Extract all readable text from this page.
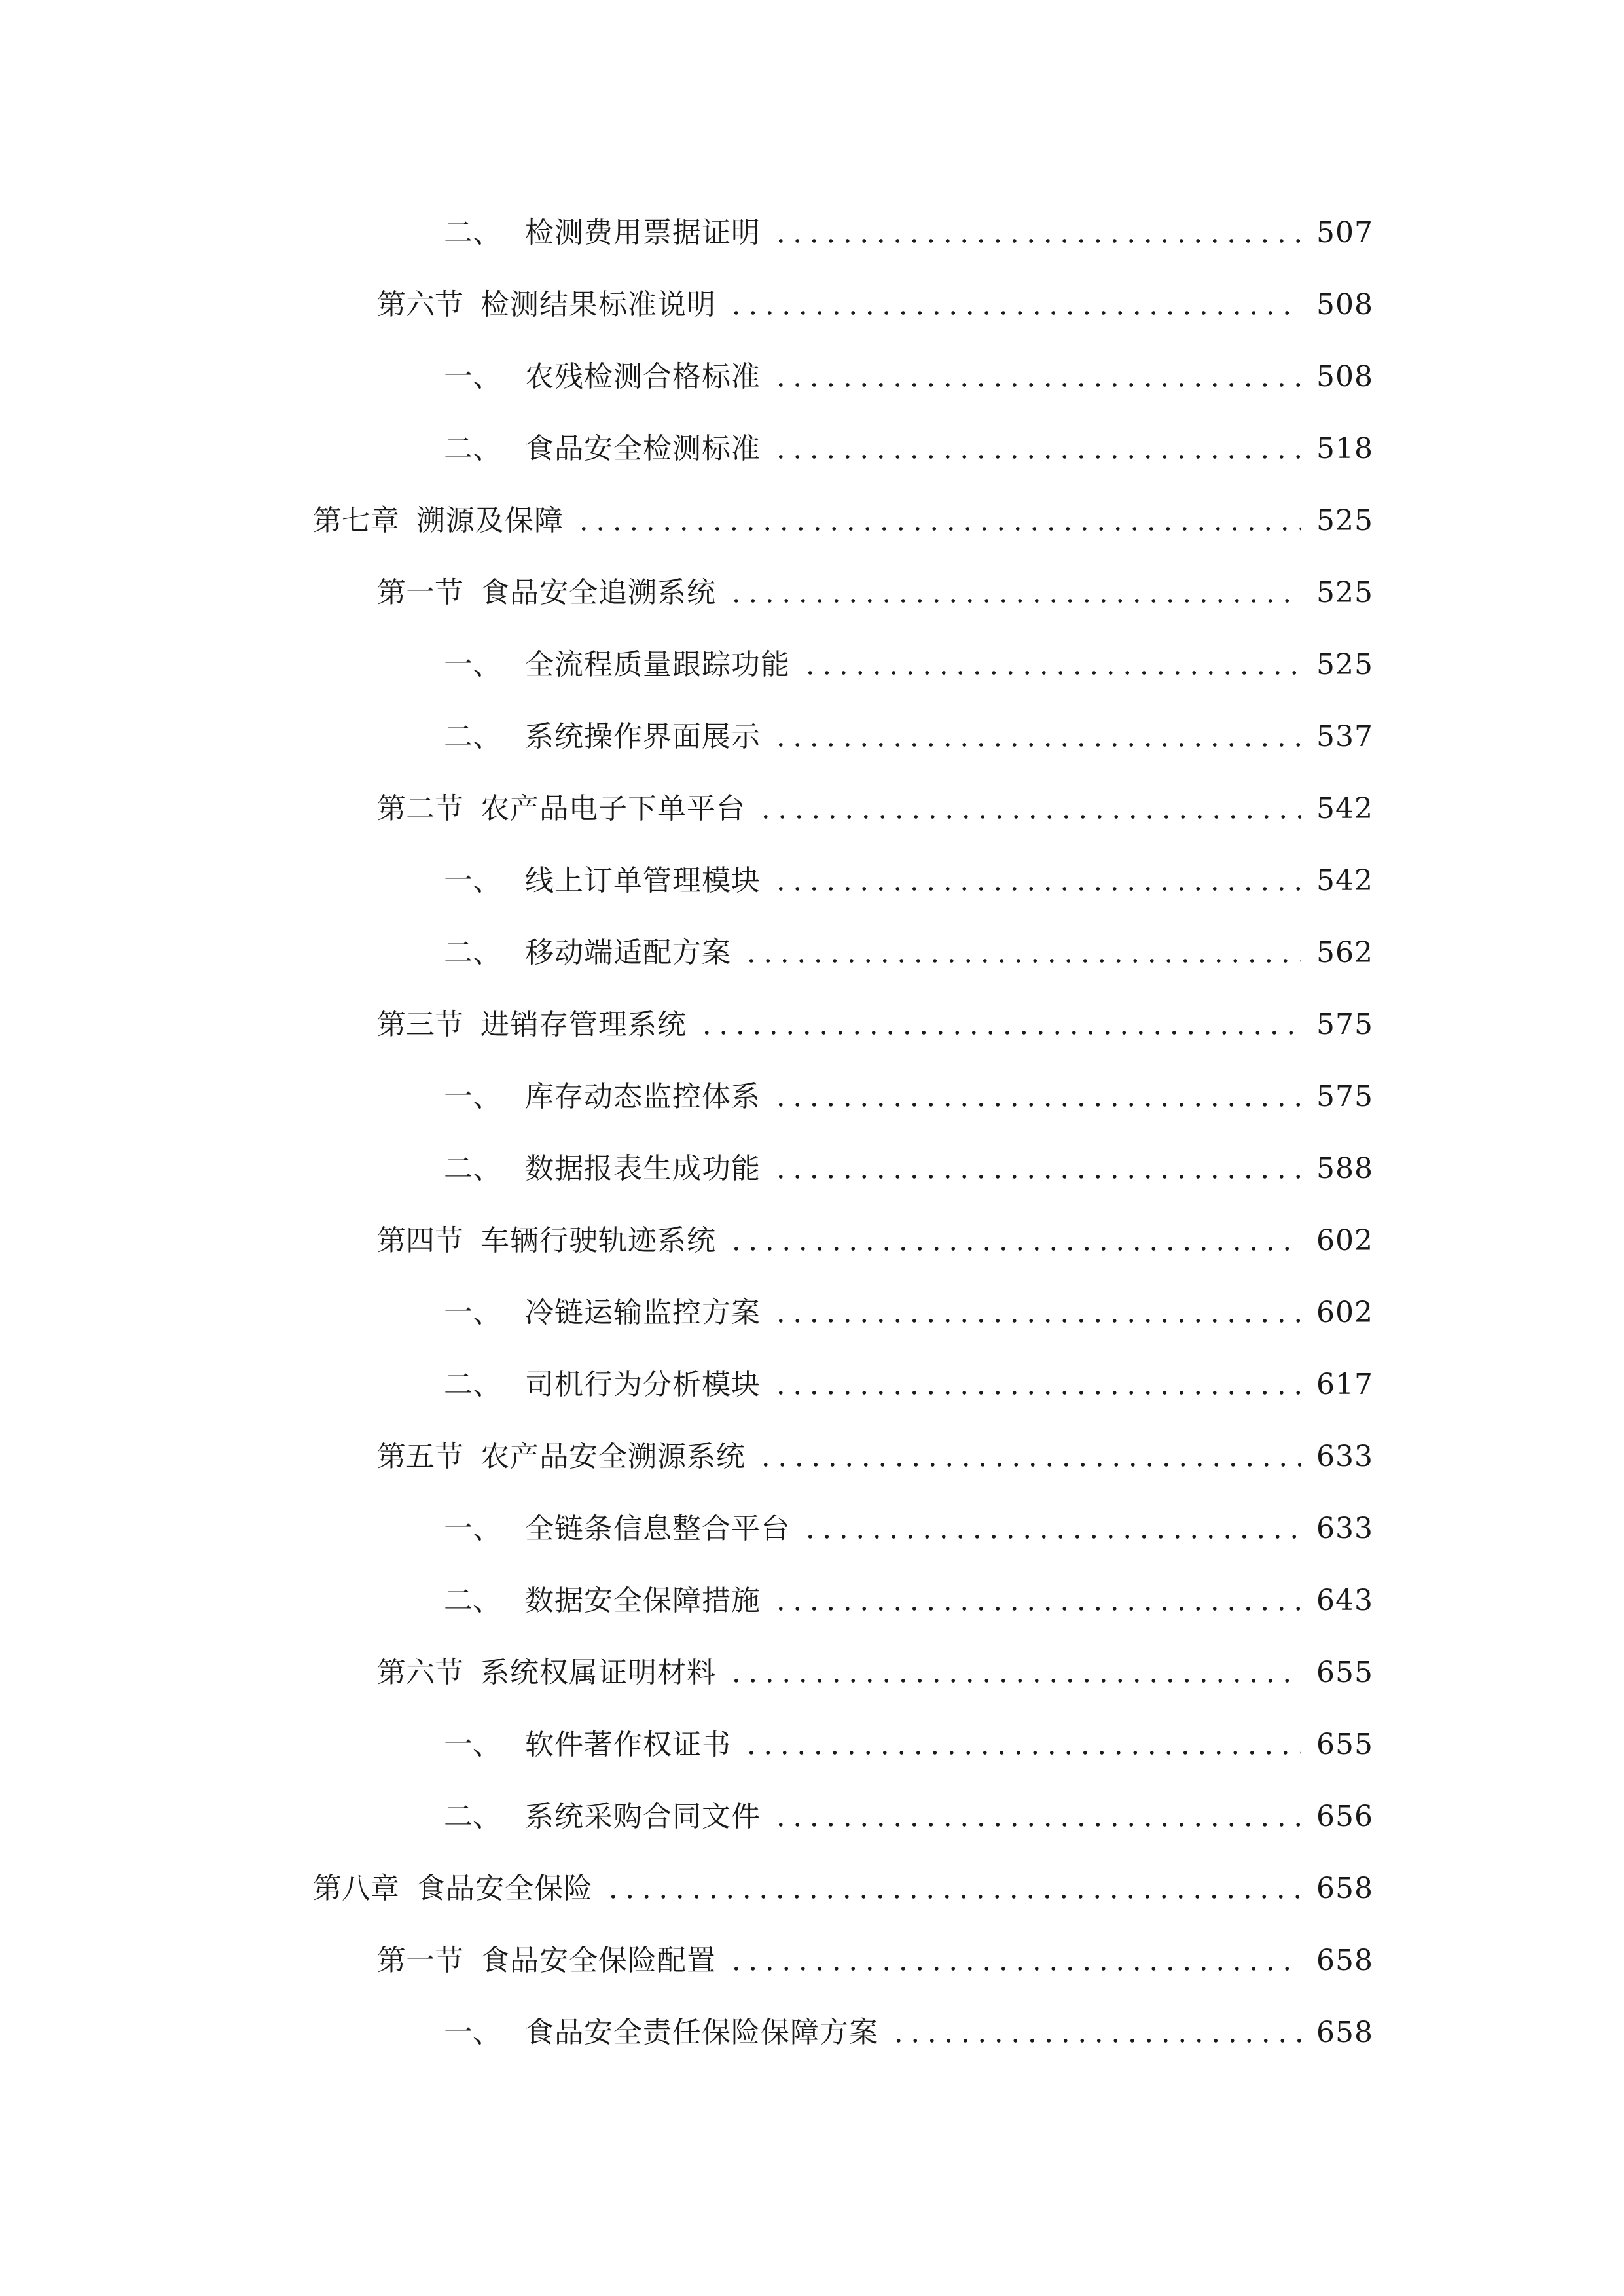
二、 检测费用票据证明	507
第六节 检测结果标准说明	508
一、 农残检测合格标准	508
二、 食品安全检测标准	518
第七章 溯源及保障	525
第一节 食品安全追溯系统	525
一、 全流程质量跟踪功能	525
二、 系统操作界面展示	537
第二节 农产品电子下单平台	542
一、 线上订单管理模块	542
二、 移动端适配方案	562
第三节 进销存管理系统	575
一、 库存动态监控体系	575
二、 数据报表生成功能	588
第四节 车辆行驶轨迹系统	602
一、 冷链运输监控方案	602
二、 司机行为分析模块	617
第五节 农产品安全溯源系统	633
一、 全链条信息整合平台	633
二、 数据安全保障措施	643
第六节 系统权属证明材料	655
一、 软件著作权证书	655
二、 系统采购合同文件	656
第八章 食品安全保险	658
第一节 食品安全保险配置	658
一、 食品安全责任保险保障方案	658
